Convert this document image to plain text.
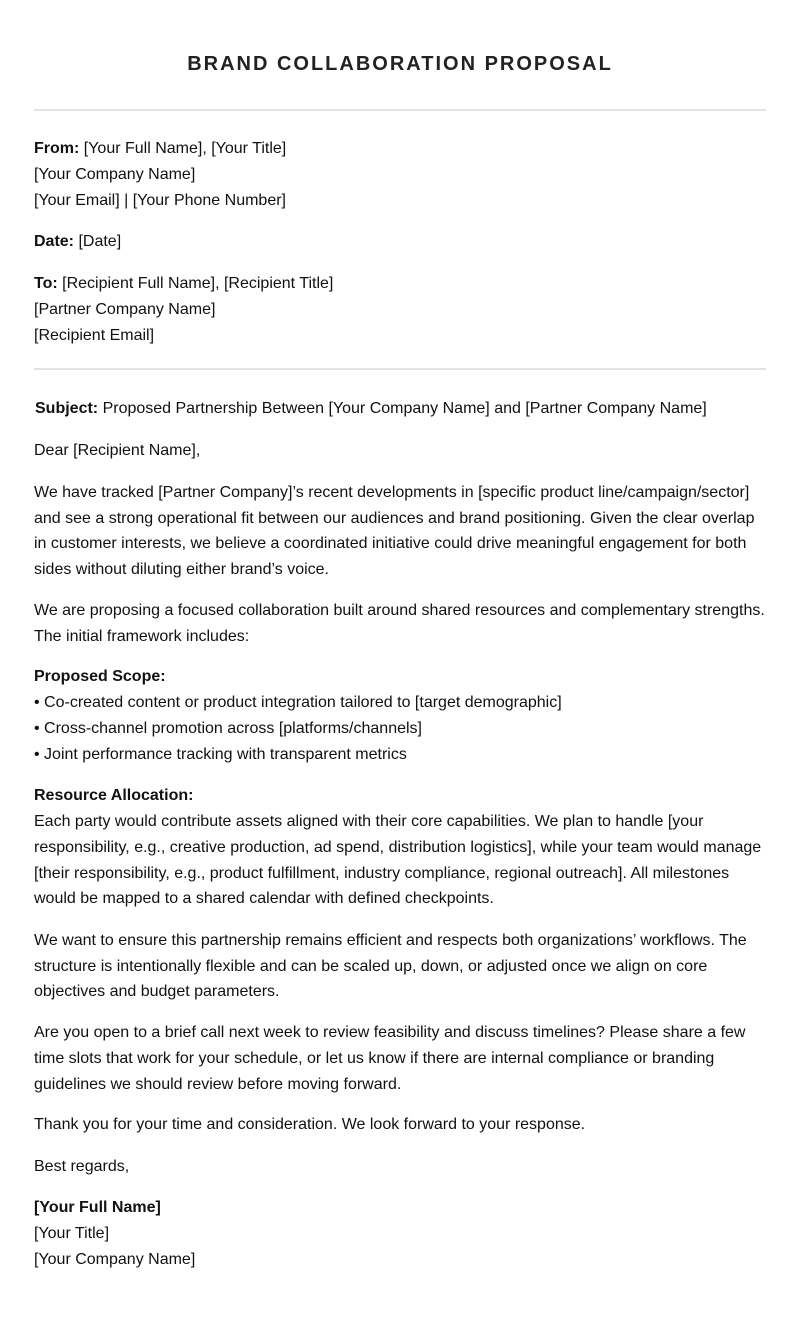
BRAND COLLABORATION PROPOSAL
From: [Your Full Name], [Your Title]
[Your Company Name]
[Your Email] | [Your Phone Number]
Date: [Date]
To: [Recipient Full Name], [Recipient Title]
[Partner Company Name]
[Recipient Email]
Subject: Proposed Partnership Between [Your Company Name] and [Partner Company Name]
Dear [Recipient Name],

We have tracked [Partner Company]’s recent developments in [specific product line/campaign/sector] and see a strong operational fit between our audiences and brand positioning. Given the clear overlap in customer interests, we believe a coordinated initiative could drive meaningful engagement for both sides without diluting either brand’s voice.

We are proposing a focused collaboration built around shared resources and complementary strengths. The initial framework includes:

Proposed Scope:
• Co-created content or product integration tailored to [target demographic]
• Cross-channel promotion across [platforms/channels]
• Joint performance tracking with transparent metrics
Resource Allocation:

Each party would contribute assets aligned with their core capabilities. We plan to handle [your responsibility, e.g., creative production, ad spend, distribution logistics], while your team would manage [their responsibility, e.g., product fulfillment, industry compliance, regional outreach]. All milestones would be mapped to a shared calendar with defined checkpoints.

We want to ensure this partnership remains efficient and respects both organizations’ workflows. The structure is intentionally flexible and can be scaled up, down, or adjusted once we align on core objectives and budget parameters.

Are you open to a brief call next week to review feasibility and discuss timelines? Please share a few time slots that work for your schedule, or let us know if there are internal compliance or branding guidelines we should review before moving forward.

Thank you for your time and consideration. We look forward to your response.

Best regards,
[Your Full Name]
[Your Title]
[Your Company Name]
